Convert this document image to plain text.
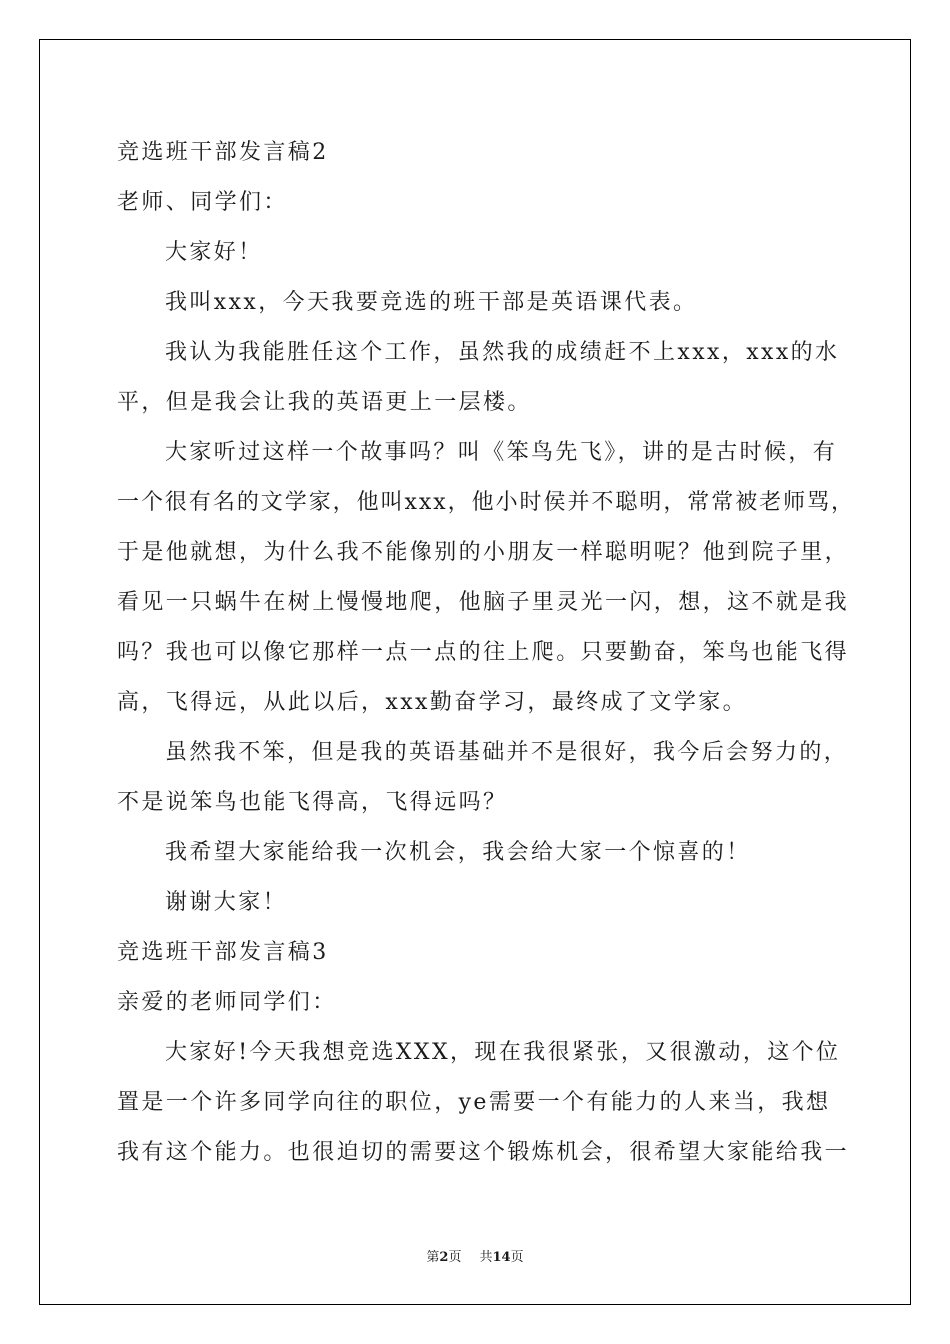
竞选班干部发言稿2
老师、同学们：
大家好！
我叫xxx，今天我要竞选的班干部是英语课代表。
我认为我能胜任这个工作，虽然我的成绩赶不上xxx，xxx的水
平，但是我会让我的英语更上一层楼。
大家听过这样一个故事吗？叫《笨鸟先飞》，讲的是古时候，有
一个很有名的文学家，他叫xxx，他小时侯并不聪明，常常被老师骂，
于是他就想，为什么我不能像别的小朋友一样聪明呢？他到院子里，
看见一只蜗牛在树上慢慢地爬，他脑子里灵光一闪，想，这不就是我
吗？我也可以像它那样一点一点的往上爬。只要勤奋，笨鸟也能飞得
高，飞得远，从此以后，xxx勤奋学习，最终成了文学家。
虽然我不笨，但是我的英语基础并不是很好，我今后会努力的，
不是说笨鸟也能飞得高，飞得远吗？
我希望大家能给我一次机会，我会给大家一个惊喜的！
谢谢大家！
竞选班干部发言稿3
亲爱的老师同学们：
大家好!今天我想竞选XXX，现在我很紧张，又很激动，这个位
置是一个许多同学向往的职位，ye需要一个有能力的人来当，我想
我有这个能力。也很迫切的需要这个锻炼机会，很希望大家能给我一
第2页 共14页
